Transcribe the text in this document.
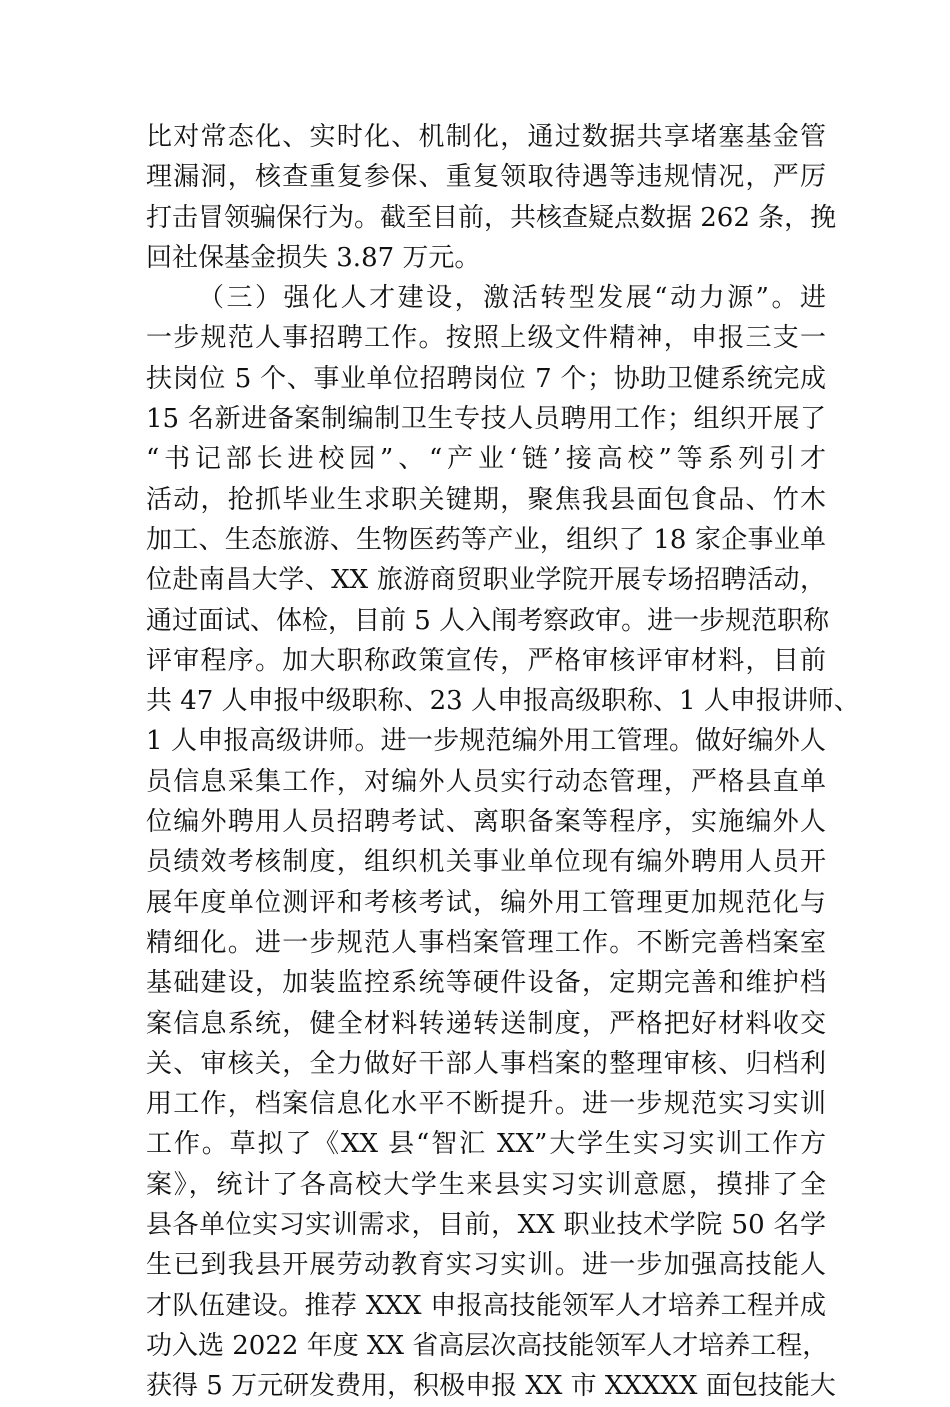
比对常态化、实时化、机制化，通过数据共享堵塞基金管
理漏洞，核查重复参保、重复领取待遇等违规情况，严厉
打击冒领骗保行为。截至目前，共核查疑点数据 262 条，挽
回社保基金损失 3.87 万元。
（三）强化人才建设，激活转型发展“动力源”。进
一步规范人事招聘工作。按照上级文件精神，申报三支一
扶岗位 5 个、事业单位招聘岗位 7 个；协助卫健系统完成
15 名新进备案制编制卫生专技人员聘用工作；组织开展了
“书记部长进校园”、“产业‘链’接高校”等系列引才
活动，抢抓毕业生求职关键期，聚焦我县面包食品、竹木
加工、生态旅游、生物医药等产业，组织了 18 家企事业单
位赴南昌大学、XX 旅游商贸职业学院开展专场招聘活动，
通过面试、体检，目前 5 人入闱考察政审。进一步规范职称
评审程序。加大职称政策宣传，严格审核评审材料，目前
共 47 人申报中级职称、23 人申报高级职称、1 人申报讲师、
1 人申报高级讲师。进一步规范编外用工管理。做好编外人
员信息采集工作，对编外人员实行动态管理，严格县直单
位编外聘用人员招聘考试、离职备案等程序，实施编外人
员绩效考核制度，组织机关事业单位现有编外聘用人员开
展年度单位测评和考核考试，编外用工管理更加规范化与
精细化。进一步规范人事档案管理工作。不断完善档案室
基础建设，加装监控系统等硬件设备，定期完善和维护档
案信息系统，健全材料转递转送制度，严格把好材料收交
关、审核关，全力做好干部人事档案的整理审核、归档利
用工作，档案信息化水平不断提升。进一步规范实习实训
工作。草拟了《XX 县“智汇 XX”大学生实习实训工作方
案》，统计了各高校大学生来县实习实训意愿，摸排了全
县各单位实习实训需求，目前，XX 职业技术学院 50 名学
生已到我县开展劳动教育实习实训。进一步加强高技能人
才队伍建设。推荐 XXX 申报高技能领军人才培养工程并成
功入选 2022 年度 XX 省高层次高技能领军人才培养工程，
获得 5 万元研发费用，积极申报 XX 市 XXXXX 面包技能大
